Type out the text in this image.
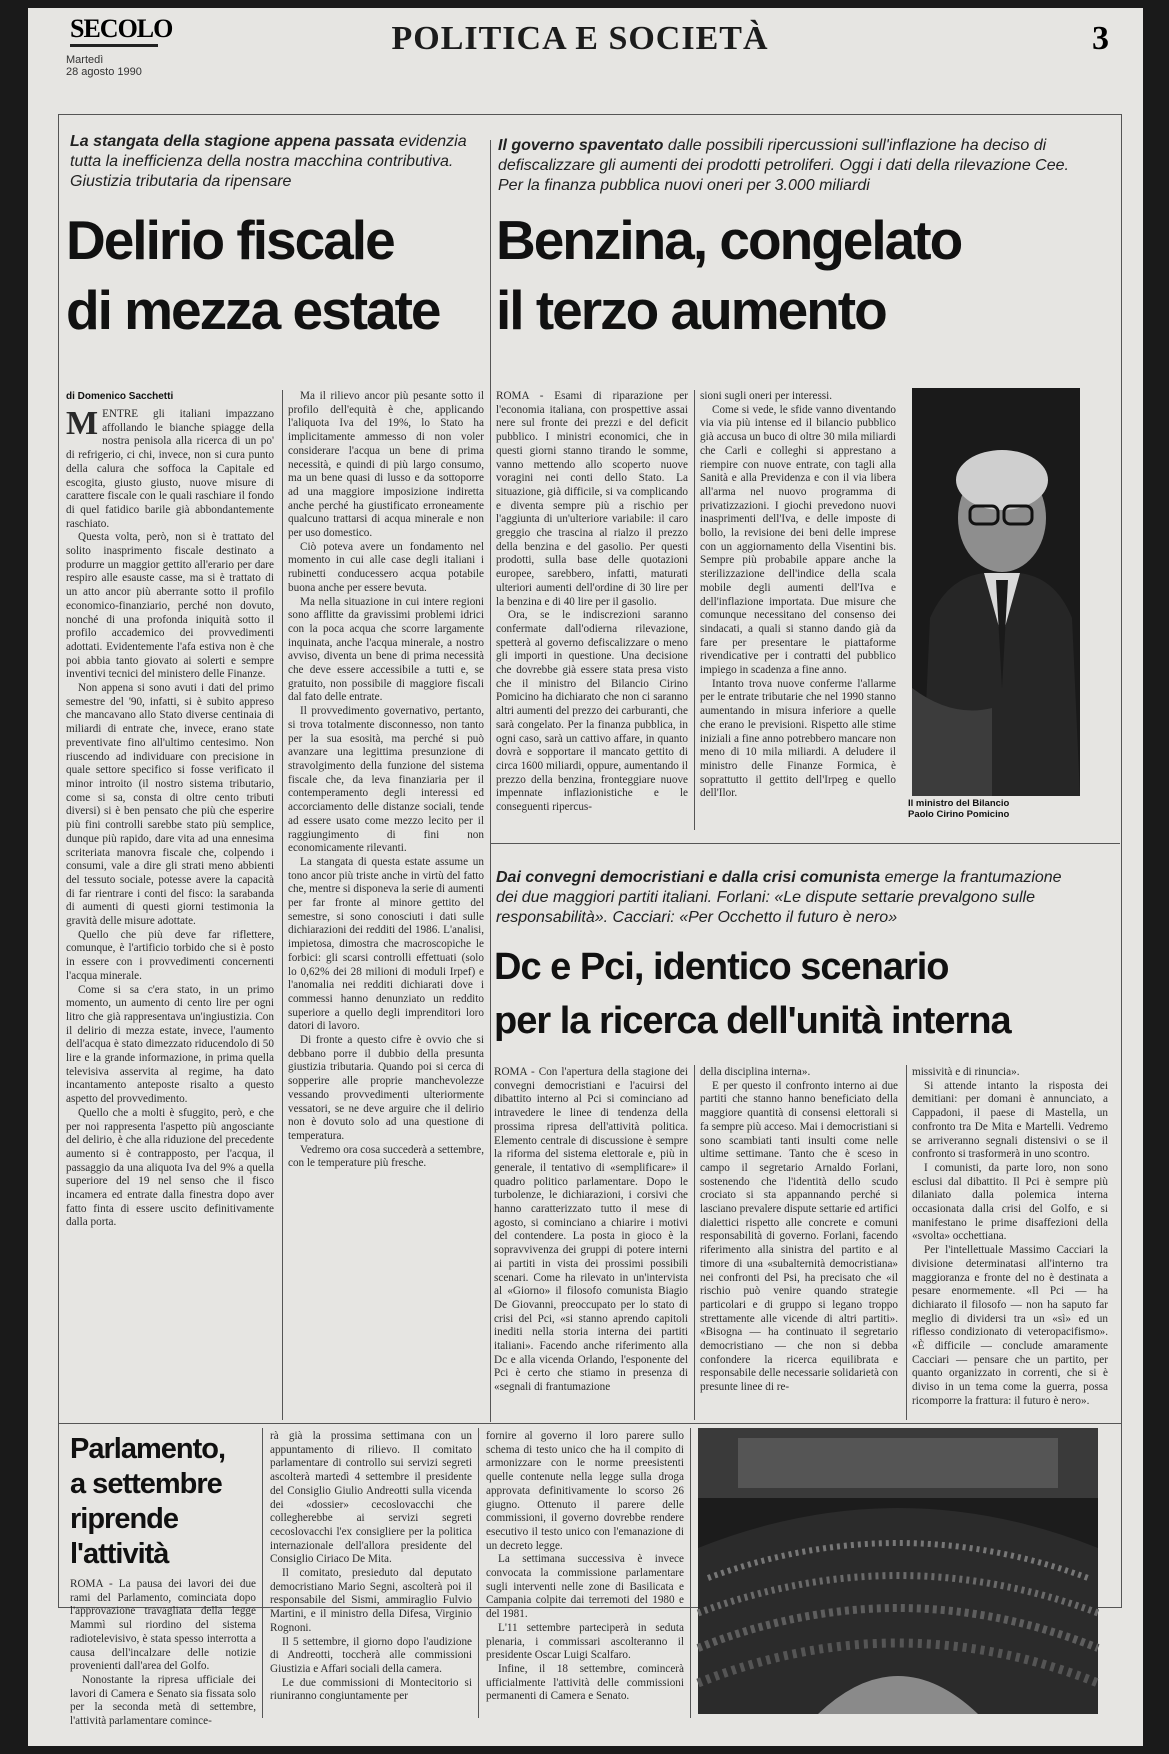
SECOLO
Martedì
28 agosto 1990
POLITICA E SOCIETÀ	3
La stangata della stagione appena passata evidenzia tutta la inefficienza della nostra macchina contributiva. Giustizia tributaria da ripensare
Delirio fiscale
di mezza estate
di Domenico Sacchetti
M ENTRE gli italiani impazzano affollando le bianche spiagge della nostra penisola alla ricerca di un po' di refrigerio, ci chi, invece, non si cura punto della calura che soffoca la Capitale ed escogita, giusto giusto, nuove misure di carattere fiscale con le quali raschiare il fondo di quel fatidico barile già abbondantemente raschiato.

Questa volta, però, non si è trattato del solito inasprimento fiscale destinato a produrre un maggior gettito all'erario per dare respiro alle esauste casse, ma si è trattato di un atto ancor più aberrante sotto il profilo economico-finanziario, perché non dovuto, nonché di una profonda iniquità sotto il profilo accademico dei provvedimenti adottati. Evidentemente l'afa estiva non è che poi abbia tanto giovato ai solerti e sempre inventivi tecnici del ministero delle Finanze.

Non appena si sono avuti i dati del primo semestre del '90, infatti, si è subito appreso che mancavano allo Stato diverse centinaia di miliardi di entrate che, invece, erano state preventivate fino all'ultimo centesimo. Non riuscendo ad individuare con precisione in quale settore specifico si fosse verificato il minor introito (il nostro sistema tributario, come si sa, consta di oltre cento tributi diversi) si è ben pensato che più che esperire più fini controlli sarebbe stato più semplice, dunque più rapido, dare vita ad una ennesima scriteriata manovra fiscale che, colpendo i consumi, vale a dire gli strati meno abbienti del tessuto sociale, potesse avere la capacità di far rientrare i conti del fisco: la sarabanda di aumenti di questi giorni testimonia la gravità delle misure adottate.

Quello che più deve far riflettere, comunque, è l'artificio torbido che si è posto in essere con i provvedimenti concernenti l'acqua minerale.

Come si sa c'era stato, in un primo momento, un aumento di cento lire per ogni litro che già rappresentava un'ingiustizia. Con il delirio di mezza estate, invece, l'aumento dell'acqua è stato dimezzato riducendolo di 50 lire e la grande informazione, in prima quella televisiva asservita al regime, ha dato incantamento anteposte risalto a questo aspetto del provvedimento.

Quello che a molti è sfuggito, però, e che per noi rappresenta l'aspetto più angosciante del delirio, è che alla riduzione del precedente aumento si è contrapposto, per l'acqua, il passaggio da una aliquota Iva del 9% a quella superiore del 19 nel senso che il fisco incamera ed entrate dalla finestra dopo aver fatto finta di essere uscito definitivamente dalla porta.

Ma il rilievo ancor più pesante sotto il profilo dell'equità è che, applicando l'aliquota Iva del 19%, lo Stato ha implicitamente ammesso di non voler considerare l'acqua un bene di prima necessità, e quindi di più largo consumo, ma un bene quasi di lusso e da sottoporre ad una maggiore imposizione indiretta anche perché ha giustificato erroneamente qualcuno trattarsi di acqua minerale e non per uso domestico.

Ciò poteva avere un fondamento nel momento in cui alle case degli italiani i rubinetti conducessero acqua potabile buona anche per essere bevuta.

Ma nella situazione in cui intere regioni sono afflitte da gravissimi problemi idrici con la poca acqua che scorre largamente inquinata, anche l'acqua minerale, a nostro avviso, diventa un bene di prima necessità che deve essere accessibile a tutti e, se gratuito, non possibile di maggiore fiscali dal fato delle entrate.

Il provvedimento governativo, pertanto, si trova totalmente disconnesso, non tanto per la sua esosità, ma perché si può avanzare una legittima presunzione di stravolgimento della funzione del sistema fiscale che, da leva finanziaria per il contemperamento degli interessi ed accorciamento delle distanze sociali, tende ad essere usato come mezzo lecito per il raggiungimento di fini non economicamente rilevanti.

La stangata di questa estate assume un tono ancor più triste anche in virtù del fatto che, mentre si disponeva la serie di aumenti per far fronte al minore gettito del semestre, si sono conosciuti i dati sulle dichiarazioni dei redditi del 1986. L'analisi, impietosa, dimostra che macroscopiche le forbici: gli scarsi controlli effettuati (solo lo 0,62% dei 28 milioni di moduli Irpef) e l'anomalia nei redditi dichiarati dove i commessi hanno denunziato un reddito superiore a quello degli imprenditori loro datori di lavoro.

Di fronte a questo cifre è ovvio che si debbano porre il dubbio della presunta giustizia tributaria. Quando poi si cerca di sopperire alle proprie manchevolezze vessando provvedimenti ulteriormente vessatori, se ne deve arguire che il delirio non è dovuto solo ad una questione di temperatura.

Vedremo ora cosa succederà a settembre, con le temperature più fresche.

Il governo spaventato dalle possibili ripercussioni sull'inflazione ha deciso di defiscalizzare gli aumenti dei prodotti petroliferi. Oggi i dati della rilevazione Cee. Per la finanza pubblica nuovi oneri per 3.000 miliardi
Benzina, congelato
il terzo aumento

ROMA - Esami di riparazione per l'economia italiana, con prospettive assai nere sul fronte dei prezzi e del deficit pubblico. I ministri economici, che in questi giorni stanno tirando le somme, vanno mettendo allo scoperto nuove voragini nei conti dello Stato. La situazione, già difficile, si va complicando e diventa sempre più a rischio per l'aggiunta di un'ulteriore variabile: il caro greggio che trascina al rialzo il prezzo della benzina e del gasolio. Per questi prodotti, sulla base delle quotazioni europee, sarebbero, infatti, maturati ulteriori aumenti dell'ordine di 30 lire per la benzina e di 40 lire per il gasolio.

Ora, se le indiscrezioni saranno confermate dall'odierna rilevazione, spetterà al governo defiscalizzare o meno gli importi in questione. Una decisione che dovrebbe già essere stata presa visto che il ministro del Bilancio Cirino Pomicino ha dichiarato che non ci saranno altri aumenti del prezzo dei carburanti, che sarà congelato. Per la finanza pubblica, in ogni caso, sarà un cattivo affare, in quanto dovrà e sopportare il mancato gettito di circa 1600 miliardi, oppure, aumentando il prezzo della benzina, fronteggiare nuove impennate inflazionistiche e le conseguenti ripercus-

sioni sugli oneri per interessi.

Come si vede, le sfide vanno diventando via via più intense ed il bilancio pubblico già accusa un buco di oltre 30 mila miliardi che Carli e colleghi si apprestano a riempire con nuove entrate, con tagli alla Sanità e alla Previdenza e con il via libera all'arma nel nuovo programma di privatizzazioni. I giochi prevedono nuovi inasprimenti dell'Iva, e delle imposte di bollo, la revisione dei beni delle imprese con un aggiornamento della Visentini bis. Sempre più probabile appare anche la sterilizzazione dell'indice della scala mobile degli aumenti dell'Iva e dell'inflazione importata. Due misure che comunque necessitano del consenso dei sindacati, a quali si stanno dando già da fare per presentare le piattaforme rivendicative per i contratti del pubblico impiego in scadenza a fine anno.

Intanto trova nuove conferme l'allarme per le entrate tributarie che nel 1990 stanno aumentando in misura inferiore a quelle che erano le previsioni. Rispetto alle stime iniziali a fine anno potrebbero mancare non meno di 10 mila miliardi. A deludere il ministro delle Finanze Formica, è soprattutto il gettito dell'Irpeg e quello dell'Ilor.

Il ministro del Bilancio
Paolo Cirino Pomicino
Dai convegni democristiani e dalla crisi comunista emerge la frantumazione dei due maggiori partiti italiani. Forlani: «Le dispute settarie prevalgono sulle responsabilità». Cacciari: «Per Occhetto il futuro è nero»
Dc e Pci, identico scenario
per la ricerca dell'unità interna

ROMA - Con l'apertura della stagione dei convegni democristiani e l'acuirsi del dibattito interno al Pci si cominciano ad intravedere le linee di tendenza della prossima ripresa dell'attività politica. Elemento centrale di discussione è sempre la riforma del sistema elettorale e, più in generale, il tentativo di «semplificare» il quadro politico parlamentare. Dopo le turbolenze, le dichiarazioni, i corsivi che hanno caratterizzato tutto il mese di agosto, si cominciano a chiarire i motivi del contendere. La posta in gioco è la sopravvivenza dei gruppi di potere interni ai partiti in vista dei prossimi possibili scenari. Come ha rilevato in un'intervista al «Giorno» il filosofo comunista Biagio De Giovanni, preoccupato per lo stato di crisi del Pci, «si stanno aprendo capitoli inediti nella storia interna dei partiti italiani». Facendo anche riferimento alla Dc e alla vicenda Orlando, l'esponente del Pci è certo che stiamo in presenza di «segnali di frantumazione

della disciplina interna».

E per questo il confronto interno ai due partiti che stanno hanno beneficiato della maggiore quantità di consensi elettorali si fa sempre più acceso. Mai i democristiani si sono scambiati tanti insulti come nelle ultime settimane. Tanto che è sceso in campo il segretario Arnaldo Forlani, sostenendo che l'identità dello scudo crociato si sta appannando perché si lasciano prevalere dispute settarie ed artifici dialettici rispetto alle concrete e comuni responsabilità di governo. Forlani, facendo riferimento alla sinistra del partito e al timore di una «subalternità democristiana» nei confronti del Psi, ha precisato che «il rischio può venire quando strategie particolari e di gruppo si legano troppo strettamente alle vicende di altri partiti». «Bisogna — ha continuato il segretario democristiano — che non si debba confondere la ricerca equilibrata e responsabile delle necessarie solidarietà con presunte linee di re-

missività e di rinuncia».

Si attende intanto la risposta dei demitiani: per domani è annunciato, a Cappadoni, il paese di Mastella, un confronto tra De Mita e Martelli. Vedremo se arriveranno segnali distensivi o se il confronto si trasformerà in uno scontro.

I comunisti, da parte loro, non sono esclusi dal dibattito. Il Pci è sempre più dilaniato dalla polemica interna occasionata dalla crisi del Golfo, e si manifestano le prime disaffezioni della «svolta» occhettiana.

Per l'intellettuale Massimo Cacciari la divisione determinatasi all'interno tra maggioranza e fronte del no è destinata a pesare enormemente. «Il Pci — ha dichiarato il filosofo — non ha saputo far meglio di dividersi tra un «sì» ed un riflesso condizionato di veteropacifismo». «È difficile — conclude amaramente Cacciari — pensare che un partito, per quanto organizzato in correnti, che si è diviso in un tema come la guerra, possa ricomporre la frattura: il futuro è nero».

Parlamento,
a settembre
riprende
l'attività

ROMA - La pausa dei lavori dei due rami del Parlamento, cominciata dopo l'approvazione travagliata della legge Mammì sul riordino del sistema radiotelevisivo, è stata spesso interrotta a causa dell'incalzare delle notizie provenienti dall'area del Golfo.

Nonostante la ripresa ufficiale dei lavori di Camera e Senato sia fissata solo per la seconda metà di settembre, l'attività parlamentare comince-

rà già la prossima settimana con un appuntamento di rilievo. Il comitato parlamentare di controllo sui servizi segreti ascolterà martedì 4 settembre il presidente del Consiglio Giulio Andreotti sulla vicenda dei «dossier» cecoslovacchi che collegherebbe ai servizi segreti cecoslovacchi l'ex consigliere per la politica internazionale dell'allora presidente del Consiglio Ciriaco De Mita.

Il comitato, presieduto dal deputato democristiano Mario Segni, ascolterà poi il responsabile del Sismi, ammiraglio Fulvio Martini, e il ministro della Difesa, Virginio Rognoni.

Il 5 settembre, il giorno dopo l'audizione di Andreotti, toccherà alle commissioni Giustizia e Affari sociali della camera.

Le due commissioni di Montecitorio si riuniranno congiuntamente per

fornire al governo il loro parere sullo schema di testo unico che ha il compito di armonizzare con le norme preesistenti quelle contenute nella legge sulla droga approvata definitivamente lo scorso 26 giugno. Ottenuto il parere delle commissioni, il governo dovrebbe rendere esecutivo il testo unico con l'emanazione di un decreto legge.

La settimana successiva è invece convocata la commissione parlamentare sugli interventi nelle zone di Basilicata e Campania colpite dai terremoti del 1980 e del 1981.

L'11 settembre parteciperà in seduta plenaria, i commissari ascolteranno il presidente Oscar Luigi Scalfaro.

Infine, il 18 settembre, comincerà ufficialmente l'attività delle commissioni permanenti di Camera e Senato.
